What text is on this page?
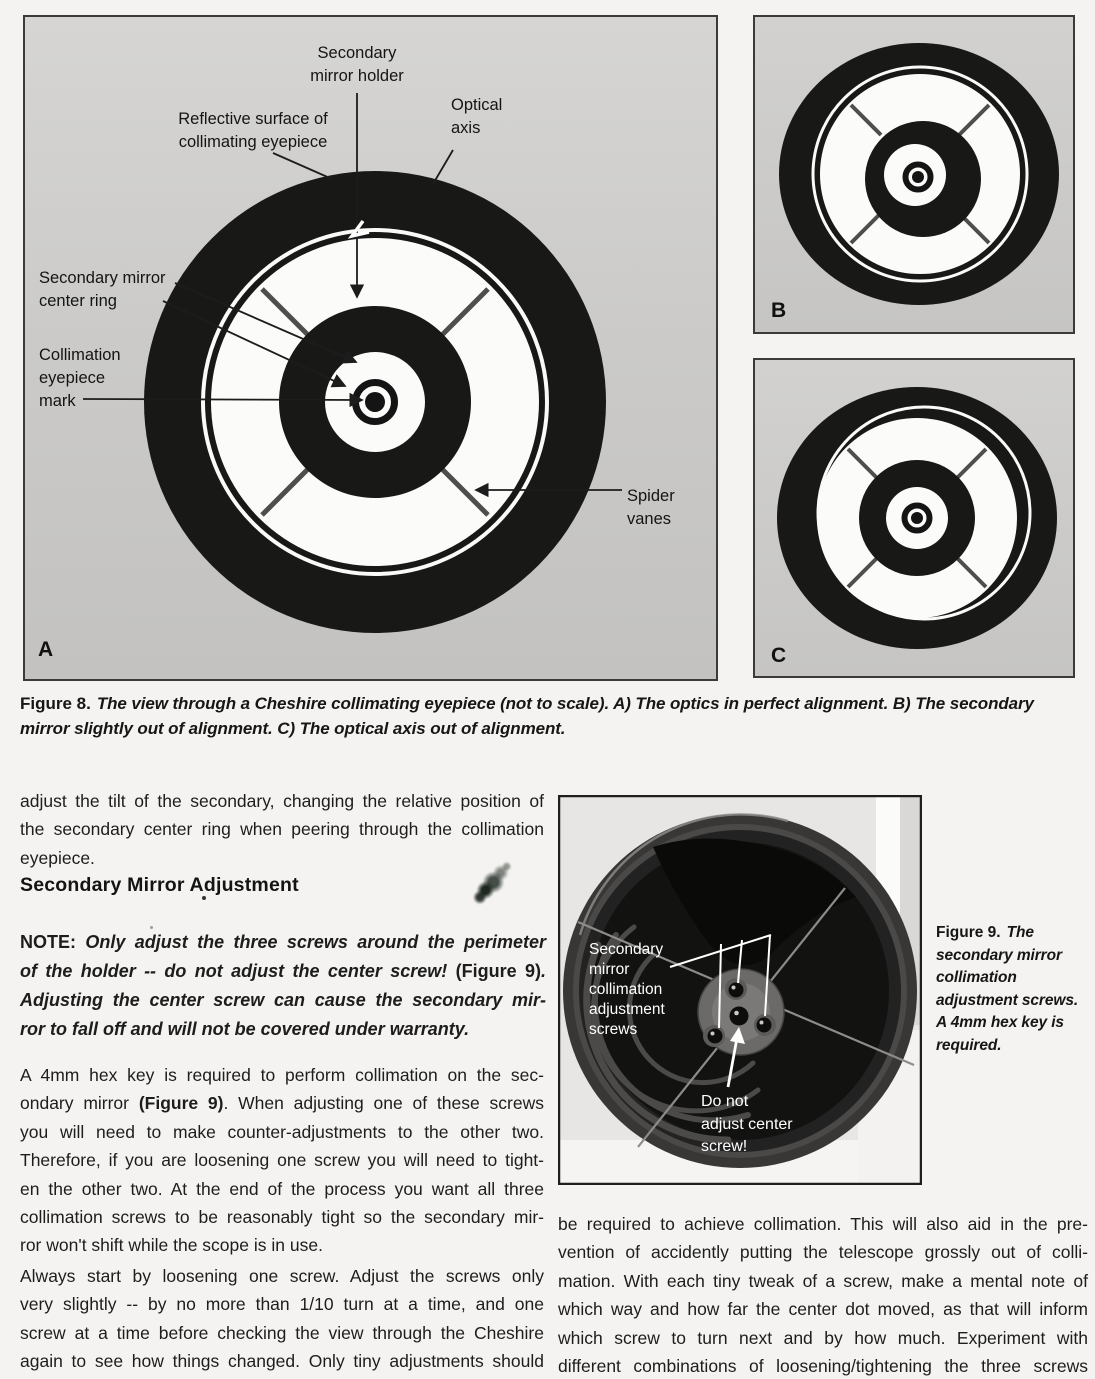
Secondary
mirror holder
Optical
axis
Reflective surface of
collimating eyepiece
Secondary mirror
center ring
Collimation
eyepiece
mark
Spider
vanes
A
B
C
Figure 8. The view through a Cheshire collimating eyepiece (not to scale). A) The optics in perfect alignment. B) The secondary mirror slightly out of alignment. C) The optical axis out of alignment.
adjust the tilt of the secondary, changing the relative position of
the secondary center ring when peering through the collimation
eyepiece.
Secondary Mirror Adjustment
NOTE: Only adjust the three screws around the perimeter
of the holder -- do not adjust the center screw! (Figure 9).
Adjusting the center screw can cause the secondary mir-
ror to fall off and will not be covered under warranty.
A 4mm hex key is required to perform collimation on the sec-
ondary mirror (Figure 9). When adjusting one of these screws
you will need to make counter-adjustments to the other two.
Therefore, if you are loosening one screw you will need to tight-
en the other two. At the end of the process you want all three
collimation screws to be reasonably tight so the secondary mir-
ror won't shift while the scope is in use.
Always start by loosening one screw. Adjust the screws only
very slightly -- by no more than 1/10 turn at a time, and one
screw at a time before checking the view through the Cheshire
again to see how things changed. Only tiny adjustments should
Secondary
mirror
collimation
adjustment
screws
Do not
adjust center
screw!
Figure 9. The secondary mirror collimation adjustment screws. A 4mm hex key is required.
be required to achieve collimation. This will also aid in the pre-
vention of accidently putting the telescope grossly out of colli-
mation. With each tiny tweak of a screw, make a mental note of
which way and how far the center dot moved, as that will inform
which screw to turn next and by how much. Experiment with
different combinations of loosening/tightening the three screws
